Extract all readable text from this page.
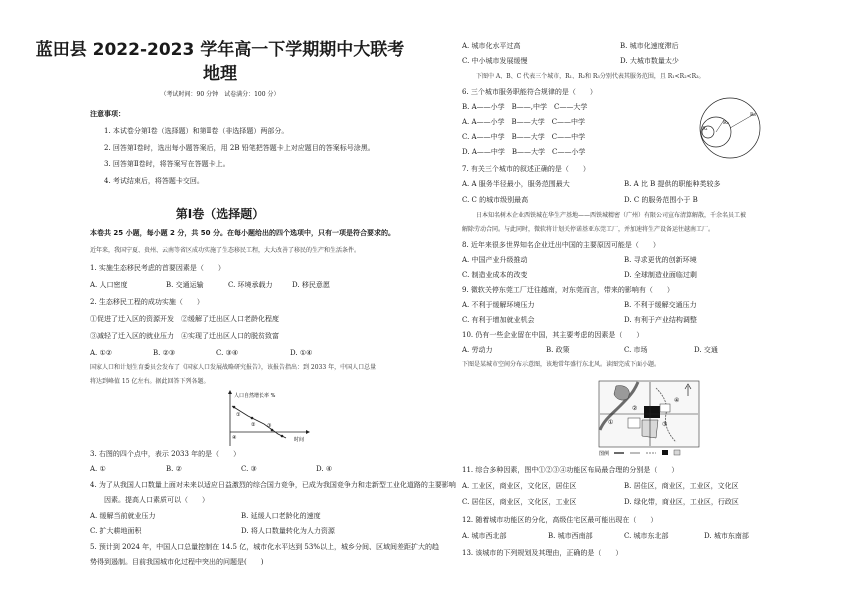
蓝田县 2022-2023 学年高一下学期期中大联考
地理
（考试时间：90 分钟　试卷满分：100 分）
注意事项：
1. 本试卷分第Ⅰ卷（选择题）和第Ⅱ卷（非选择题）两部分。
2. 回答第Ⅰ卷时，选出每小题答案后，用 2B 铅笔把答题卡上对应题目的答案标号涂黑。
3. 回答第Ⅱ卷时，将答案写在答题卡上。
4. 考试结束后，将答题卡交回。
第Ⅰ卷（选择题）
本卷共 25 小题，每小题 2 分，共 50 分。在每小题给出的四个选项中，只有一项是符合要求的。
近年来，我国宁夏、贵州、云南等省区成功实施了生态移民工程，大大改善了移民的生产和生活条件。
1. 实施生态移民考虑的首要因素是（　　）
A. 人口密度	B. 交通运输	C. 环境承载力	D. 移民意愿
2. 生态移民工程的成功实施（　　）
①促进了迁入区的资源开发　②缓解了迁出区人口老龄化程度
③减轻了迁入区的就业压力　④实现了迁出区人口的脱贫致富
A. ①②	B. ②③	C. ③④	D. ①④
国家人口和计划生育委员会发布了《国家人口发展战略研究报告》，该报告指出：到 2033 年，中国人口总量
将达到峰值 15 亿左右。据此回答下列各题。
人口自然增长率 %
时间
①
② ③
④
3. 右图的四个点中，表示 2033 年的是（　　）
A. ①	B. ②	C. ③	D. ④
4. 为了从我国人口数量上面对未来以适应日益激烈的综合国力竞争，已成为我国竞争力和走新型工业化道路的主要影响
因素。提高人口素质可以（　　）
A. 缓解当前就业压力	B. 延缓人口老龄化的速度
C. 扩大耕地面积	D. 将人口数量转化为人力资源
5. 预计到 2024 年，中国人口总量控制在 14.5 亿，城市化水平达到 53%以上，城乡分间、区域间差距扩大的趋
势得到遏制。目前我国城市化过程中突出的问题是(　　)
A. 城市化水平过高	B. 城市化速度滞后
C. 中小城市发展缓慢	D. 大城市数量太少
下图中 A、B、C 代表三个城市，R₁、R₂和 R₃分别代表其服务范围，且 R₁<R₂<R₃。
6. 三个城市服务职能符合规律的是（　　）
B. A——小学　B——,中学　C——大学
A. A——小学　B——大学　C——中学
C. A——中学　B——大学　C——中学
D. A——中学　B——大学　C——小学
R₃
R₂
R₁
7. 有关三个城市的叙述正确的是（　　）
A. A 服务半径最小，服务范围最大	B. A 比 B 提供的职能种类较多
C. C 的城市级别最高	D. C 的服务范围小于 B
日本知名树木企业西铁城在华生产基地——西铁城精密（广州）有限公司宣布清算解散，千余名员工被
解除劳动合同。与此同时，微软将计划关停诺基亚东莞工厂，并加速将生产设备运往越南工厂。
8. 近年来很多世界知名企业迁出中国的主要原因可能是（　　）
A. 中国产业升级推动	B. 寻求更优的创新环境
C. 制造业成本的改变	D. 全球制造业面临过剩
9. 微软关停东莞工厂迁往越南，对东莞而言，带来的影响有（　　）
A. 不利于缓解环境压力	B. 不利于缓解交通压力
C. 有利于增加就业机会	D. 有利于产业结构调整
10. 仍有一些企业留在中国，其主要考虑的因素是（　　）
A. 劳动力	B. 政策	C. 市场	D. 交通
下图是某城市空间分布示意图，该地常年盛行东北风。读图完成下面小题。
①
②
③
④
图例
11. 综合多种因素，图中①②③④功能区布局最合理的分别是（　　）
A. 工业区，商业区，文化区，居住区	B. 居住区，商业区，工业区，文化区
C. 居住区，商业区，文化区，工业区	D. 绿化带，商业区，工业区，行政区
12. 随着城市功能区的分化，高级住宅区最可能出现在（　　）
A. 城市西北部	B. 城市西南部	C. 城市东北部	D. 城市东南部
13. 该城市的下列规划及其理由，正确的是（　　）
